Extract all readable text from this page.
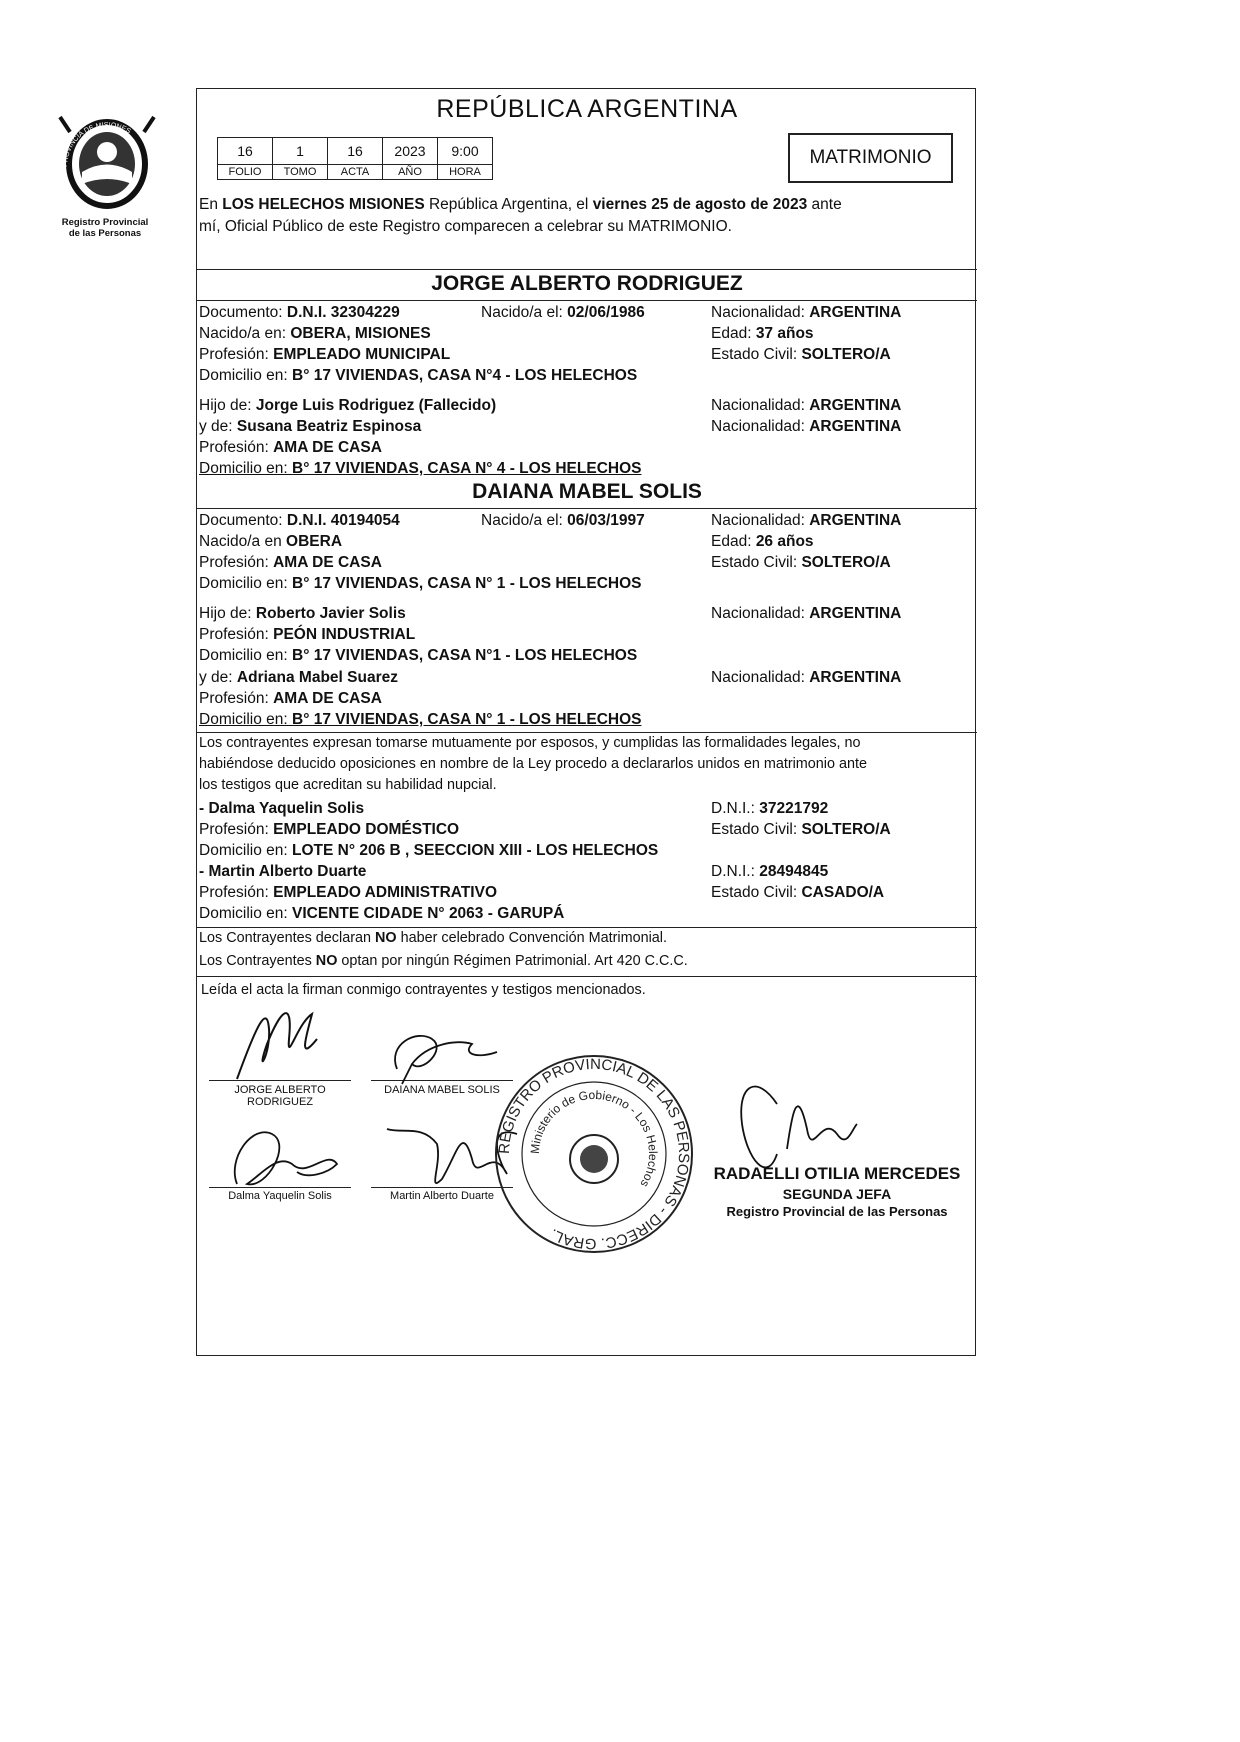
PROVINCIA DE MISIONES
Registro Provincial
de las Personas
REPÚBLICA ARGENTINA
16	1	16	2023	9:00
FOLIO	TOMO	ACTA	AÑO	HORA
MATRIMONIO
En LOS HELECHOS MISIONES República Argentina, el viernes 25 de agosto de 2023 ante
mí, Oficial Público de este Registro comparecen a celebrar su MATRIMONIO.
JORGE ALBERTO RODRIGUEZ
Documento: D.N.I. 32304229	Nacido/a el: 02/06/1986	Nacionalidad: ARGENTINA
Nacido/a en: OBERA, MISIONES	Edad: 37 años
Profesión: EMPLEADO MUNICIPAL	Estado Civil: SOLTERO/A
Domicilio en: B° 17 VIVIENDAS, CASA N°4 - LOS HELECHOS
Hijo de: Jorge Luis Rodriguez (Fallecido)	Nacionalidad: ARGENTINA
y de: Susana Beatriz Espinosa	Nacionalidad: ARGENTINA
Profesión: AMA DE CASA
Domicilio en: B° 17 VIVIENDAS, CASA N° 4 - LOS HELECHOS
DAIANA MABEL SOLIS
Documento: D.N.I. 40194054	Nacido/a el: 06/03/1997	Nacionalidad: ARGENTINA
Nacido/a en OBERA	Edad: 26 años
Profesión: AMA DE CASA	Estado Civil: SOLTERO/A
Domicilio en: B° 17 VIVIENDAS, CASA N° 1 - LOS HELECHOS
Hijo de: Roberto Javier Solis	Nacionalidad: ARGENTINA
Profesión: PEÓN INDUSTRIAL
Domicilio en: B° 17 VIVIENDAS, CASA N°1 - LOS HELECHOS
y de: Adriana Mabel Suarez	Nacionalidad: ARGENTINA
Profesión: AMA DE CASA
Domicilio en: B° 17 VIVIENDAS, CASA N° 1 - LOS HELECHOS
Los contrayentes expresan tomarse mutuamente por esposos, y cumplidas las formalidades legales, no
habiéndose deducido oposiciones en nombre de la Ley procedo a declararlos unidos en matrimonio ante
los testigos que acreditan su habilidad nupcial.
- Dalma Yaquelin Solis	D.N.I.: 37221792
Profesión: EMPLEADO DOMÉSTICO	Estado Civil: SOLTERO/A
Domicilio en: LOTE N° 206 B , SEECCION XIII - LOS HELECHOS
- Martin Alberto Duarte	D.N.I.: 28494845
Profesión: EMPLEADO ADMINISTRATIVO	Estado Civil: CASADO/A
Domicilio en: VICENTE CIDADE N° 2063 - GARUPÁ
Los Contrayentes declaran NO haber celebrado Convención Matrimonial.
Los Contrayentes NO optan por ningún Régimen Patrimonial. Art 420 C.C.C.
Leída el acta la firman conmigo contrayentes y testigos mencionados.
JORGE ALBERTO
RODRIGUEZ
DAIANA MABEL SOLIS
Dalma Yaquelin Solis	Martin Alberto Duarte
REGISTRO PROVINCIAL DE LAS PERSONAS - DIRECC. GRAL.
Ministerio de Gobierno - Los Helechos
RADAELLI OTILIA MERCEDES
SEGUNDA JEFA
Registro Provincial de las Personas
